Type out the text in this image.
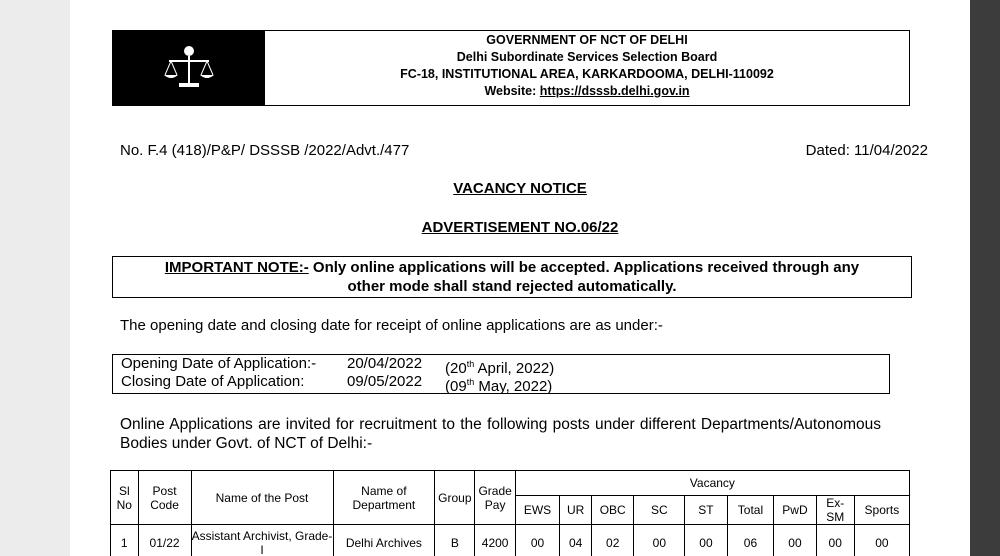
GOVERNMENT OF NCT OF DELHI
Delhi Subordinate Services Selection Board
FC-18, INSTITUTIONAL AREA, KARKARDOOMA, DELHI-110092
Website: https://dsssb.delhi.gov.in
No. F.4 (418)/P&P/ DSSSB /2022/Advt./477	Dated: 11/04/2022
VACANCY NOTICE
ADVERTISEMENT NO.06/22
IMPORTANT NOTE:- Only online applications will be accepted. Applications received through any
other mode shall stand rejected automatically.
The opening date and closing date for receipt of online applications are as under:-
Opening Date of Application:- 20/04/2022 (20th April, 2022)
Closing Date of Application:	09/05/2022 (09th May, 2022)
Online Applications are invited for recruitment to the following posts under different Departments/Autonomous Bodies under Govt. of NCT of Delhi:-
Sl No	Post Code	Name of the Post	Name of Department	Group	Grade Pay	Vacancy								
						EWS	UR	OBC	SC	ST	Total	PwD	Ex- SM	Sports
1	01/22	Assistant Archivist, Grade-I	Delhi Archives	B	4200	00	04	02	00	00	06	00	00	00
